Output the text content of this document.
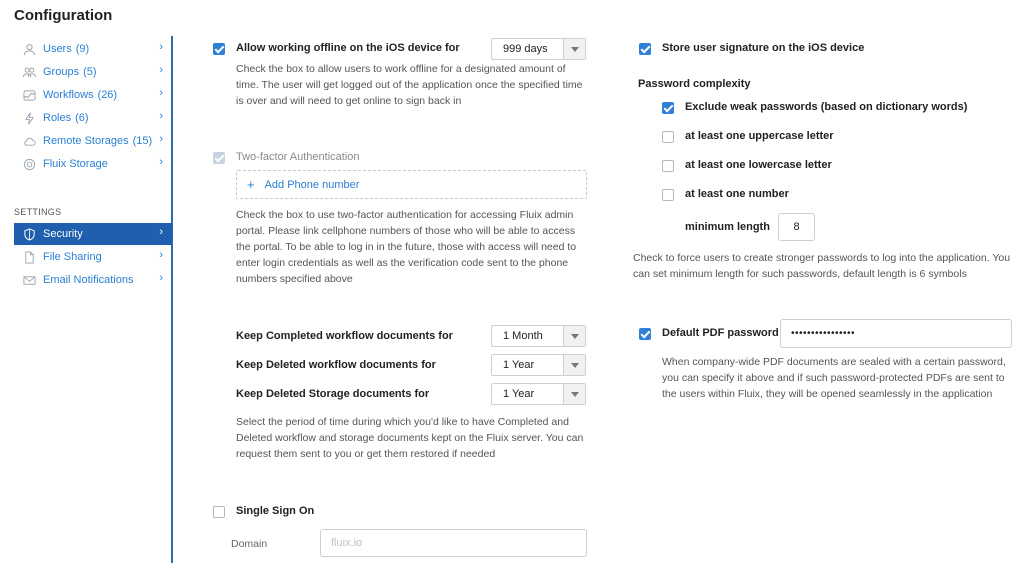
Configuration
Users (9)	›
Groups (5)	›
Workflows (26)	›
Roles (6)	›
Remote Storages (15) ›
Fluix Storage	›
SETTINGS
Security	›
File Sharing	›
Email Notifications ›
Allow working offline on the iOS device for	999 days
Check the box to allow users to work offline for a designated amount of time. The user will get logged out of the application once the specified time is over and will need to get online to sign back in
Two-factor Authentication
+ Add Phone number
Check the box to use two-factor authentication for accessing Fluix admin portal. Please link cellphone numbers of those who will be able to access the portal. To be able to log in in the future, those with access will need to enter login credentials as well as the verification code sent to the phone numbers specified above
Keep Completed workflow documents for	1 Month
Keep Deleted workflow documents for	1 Year
Keep Deleted Storage documents for	1 Year
Select the period of time during which you'd like to have Completed and Deleted workflow and storage documents kept on the Fluix server. You can request them sent to you or get them restored if needed
Single Sign On
Domain	fluix.io
Store user signature on the iOS device
Password complexity
Exclude weak passwords (based on dictionary words)
at least one uppercase letter
at least one lowercase letter
at least one number
minimum length	8
Check to force users to create stronger passwords to log into the application. You can set minimum length for such passwords, default length is 6 symbols
Default PDF password	••••••••••••••••
When company-wide PDF documents are sealed with a certain password, you can specify it above and if such password-protected PDFs are sent to the users within Fluix, they will be opened seamlessly in the application
